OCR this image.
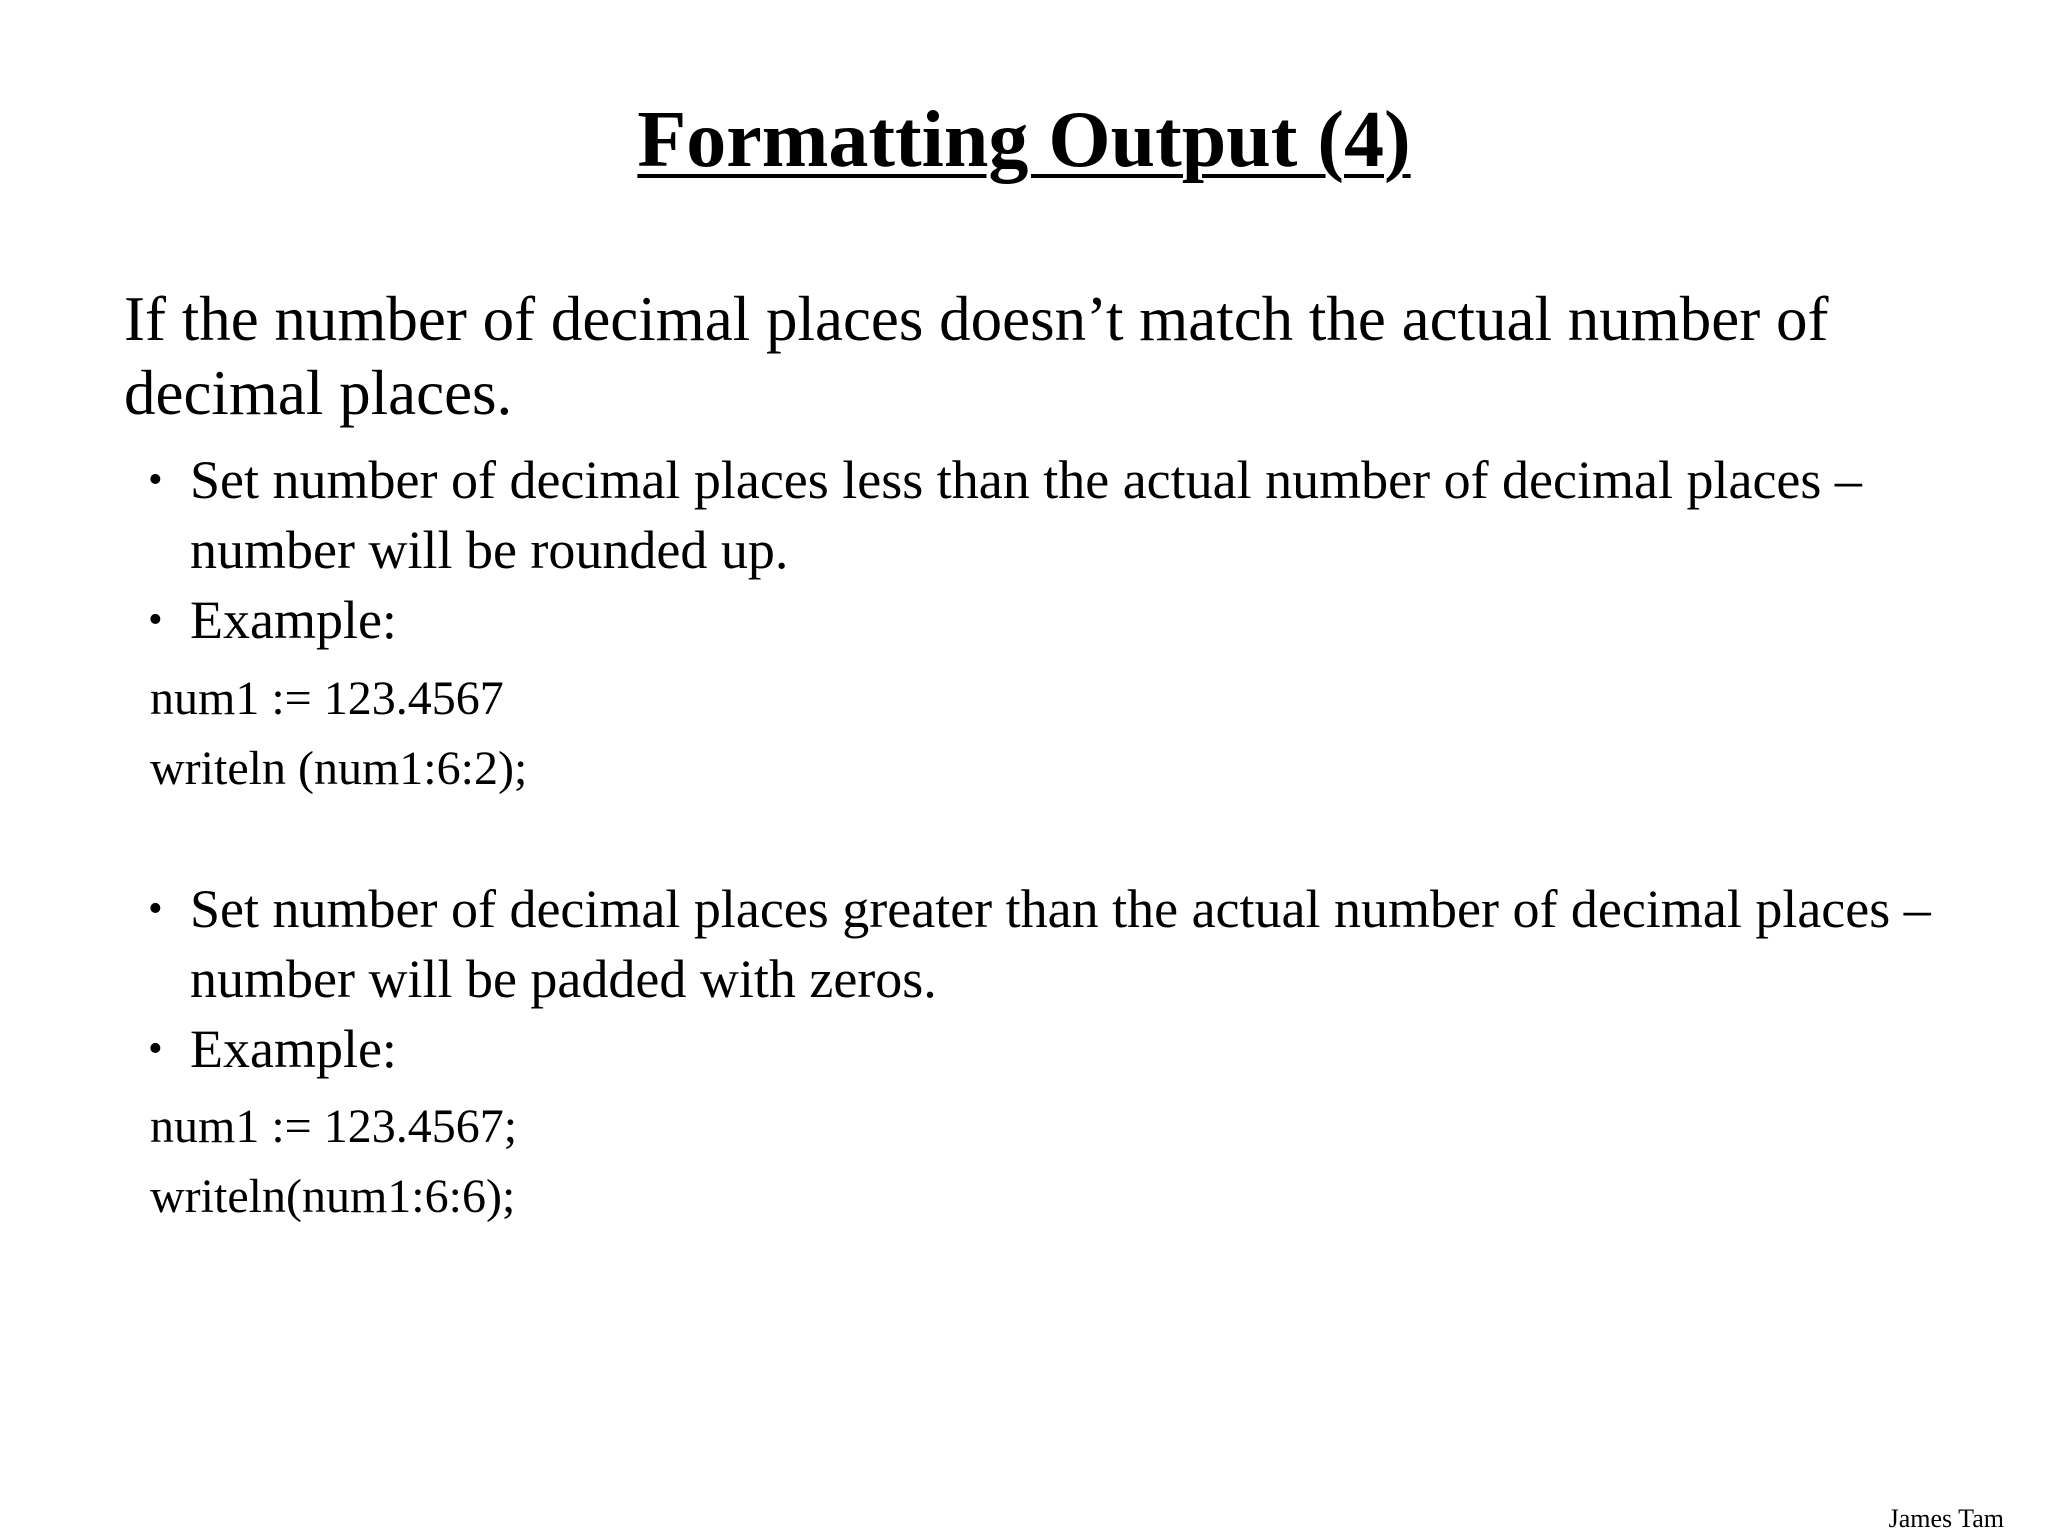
Formatting Output (4)
If the number of decimal places doesn’t match the actual number of decimal places.
• Set number of decimal places less than the actual number of decimal places – number will be rounded up.
• Example:
num1 := 123.4567
writeln (num1:6:2);
• Set number of decimal places greater than the actual number of decimal places – number will be padded with zeros.
• Example:
num1 := 123.4567;
writeln(num1:6:6);
James Tam
